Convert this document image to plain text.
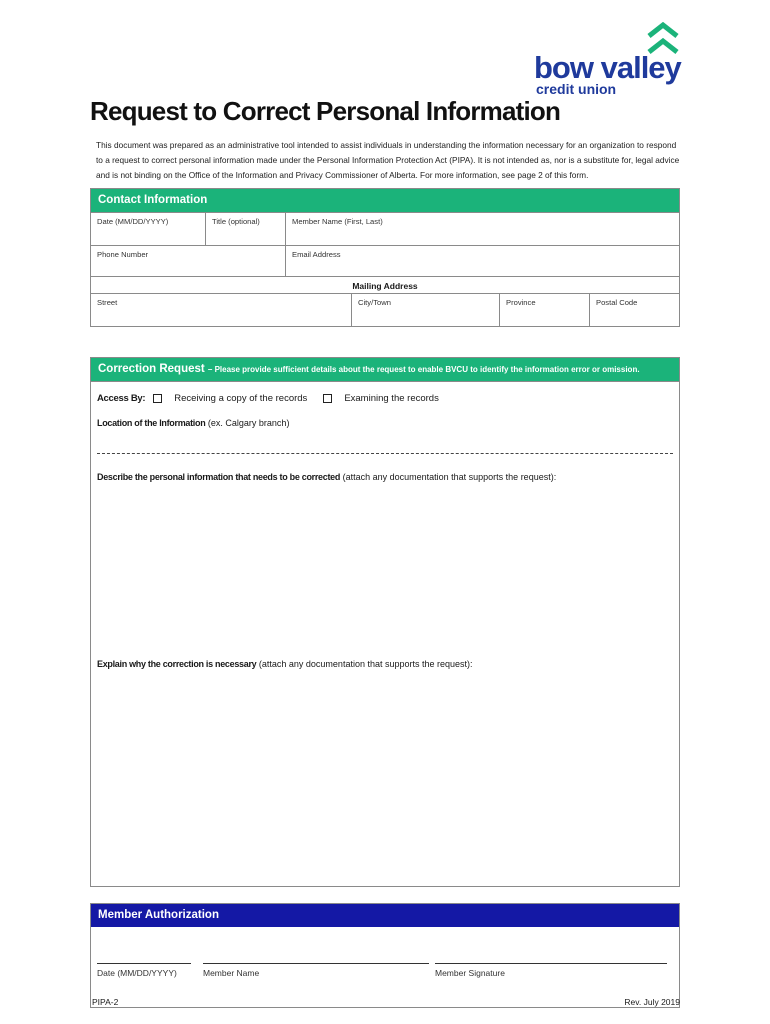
bow valley
credit union
Request to Correct Personal Information
This document was prepared as an administrative tool intended to assist individuals in understanding the information necessary for an organization to respond to a request to correct personal information made under the Personal Information Protection Act (PIPA). It is not intended as, nor is a substitute for, legal advice and is not binding on the Office of the Information and Privacy Commissioner of Alberta. For more information, see page 2 of this form.
Contact Information
Date (MM/DD/YYYY)	Title (optional)	Member Name (First, Last)
Phone Number	Email Address
Mailing Address
Street	City/Town	Province	Postal Code
Correction Request – Please provide sufficient details about the request to enable BVCU to identify the information error or omission.
Access By:	Receiving a copy of the records	Examining the records
Location of the Information (ex. Calgary branch)
Describe the personal information that needs to be corrected (attach any documentation that supports the request):
Explain why the correction is necessary (attach any documentation that supports the request):
Member Authorization
Date (MM/DD/YYYY)	Member Name	Member Signature
PIPA-2	Rev. July 2019
